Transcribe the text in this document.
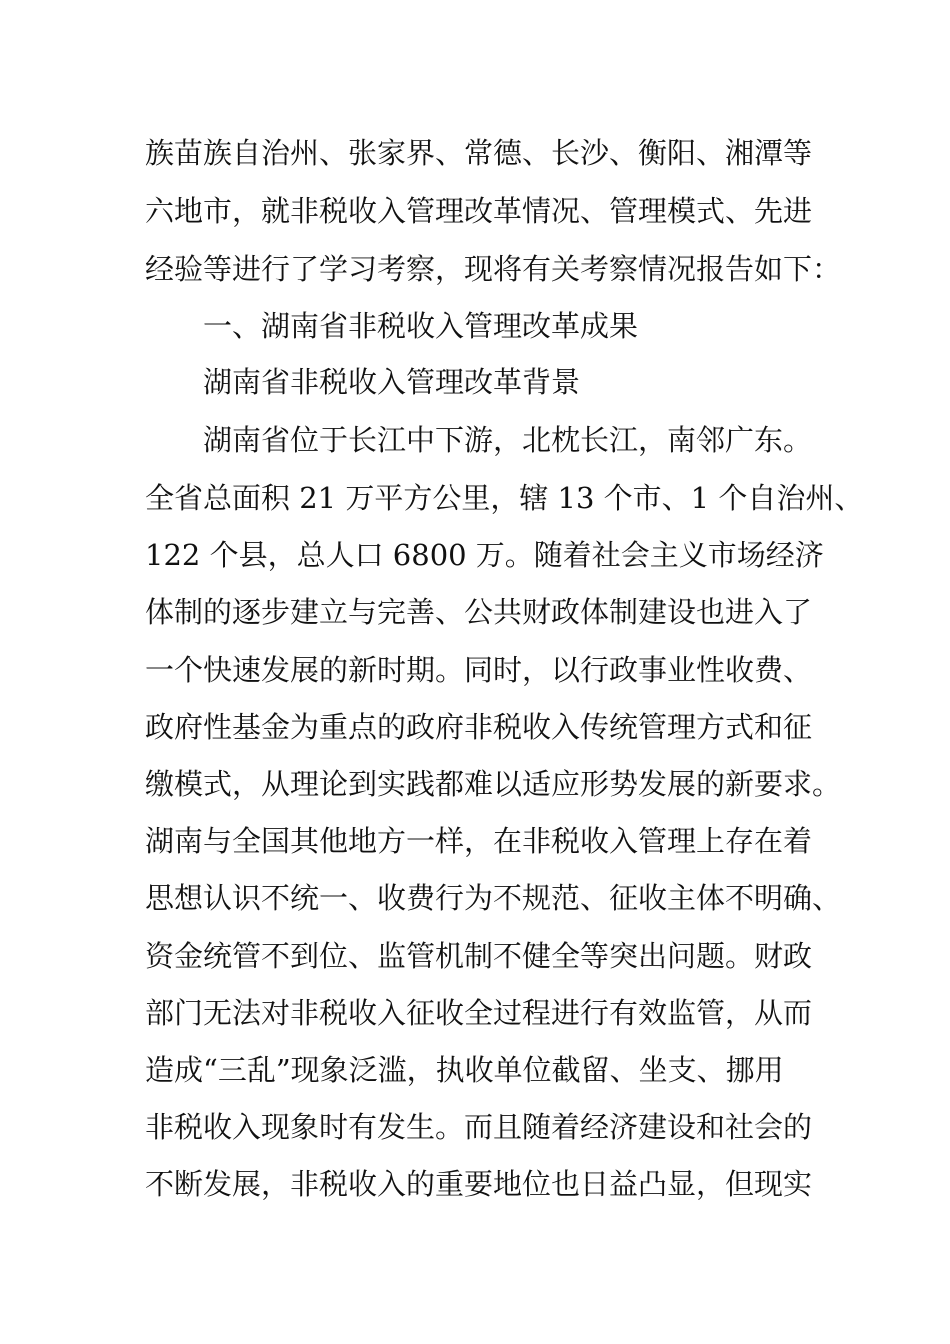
族苗族自治州、张家界、常德、长沙、衡阳、湘潭等
六地市，就非税收入管理改革情况、管理模式、先进
经验等进行了学习考察，现将有关考察情况报告如下：
一、湖南省非税收入管理改革成果
湖南省非税收入管理改革背景
湖南省位于长江中下游，北枕长江，南邻广东。
全省总面积 21 万平方公里，辖 13 个市、1 个自治州、
122 个县，总人口 6800 万。随着社会主义市场经济
体制的逐步建立与完善、公共财政体制建设也进入了
一个快速发展的新时期。同时，以行政事业性收费、
政府性基金为重点的政府非税收入传统管理方式和征
缴模式，从理论到实践都难以适应形势发展的新要求。
湖南与全国其他地方一样，在非税收入管理上存在着
思想认识不统一、收费行为不规范、征收主体不明确、
资金统管不到位、监管机制不健全等突出问题。财政
部门无法对非税收入征收全过程进行有效监管，从而
造成“三乱”现象泛滥，执收单位截留、坐支、挪用
非税收入现象时有发生。而且随着经济建设和社会的
不断发展，非税收入的重要地位也日益凸显，但现实
